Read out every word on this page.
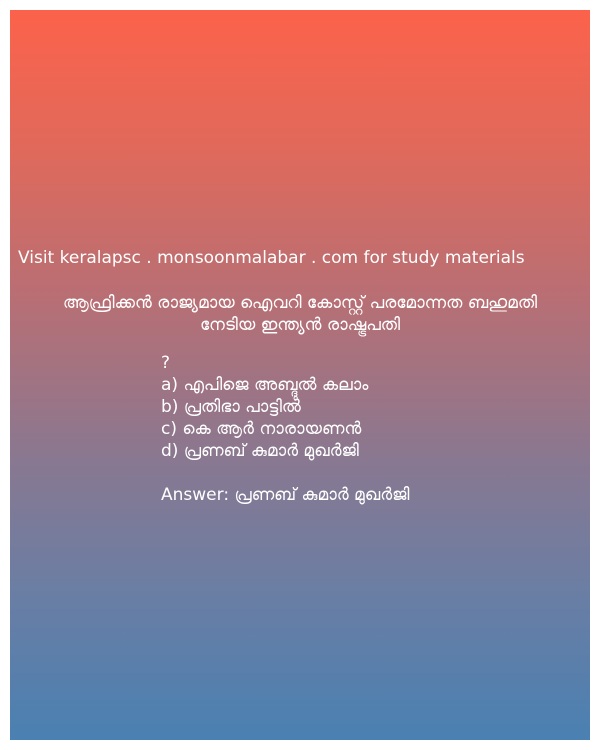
Visit keralapsc . monsoonmalabar . com for study materials
ആഫ്രിക്കൻ രാജ്യമായ ഐവറി കോസ്റ്റ് പരമോന്നത ബഹുമതി
നേടിയ ഇന്ത്യൻ രാഷ്ട്രപതി
?
a) എപിജെ അബ്ദുൽ കലാം
b) പ്രതിഭാ പാട്ടിൽ
c) കെ ആർ നാരായണൻ
d) പ്രണബ് കുമാർ മുഖർജി
Answer: പ്രണബ് കുമാർ മുഖർജി
